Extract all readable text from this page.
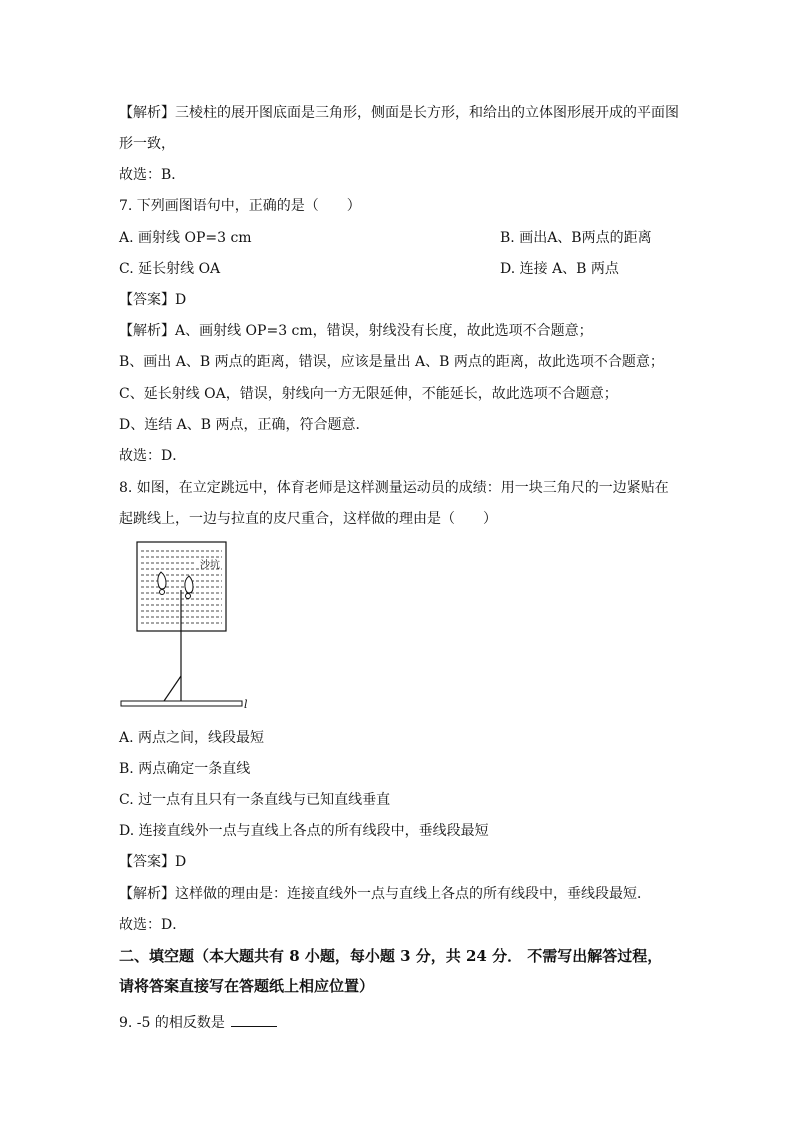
【解析】三棱柱的展开图底面是三角形，侧面是长方形，和给出的立体图形展开成的平面图
形一致，
故选：B．
7. 下列画图语句中，正确的是（　　）
A. 画射线 OP=3 cm	B. 画出A、B两点的距离
C. 延长射线 OA	D. 连接 A、B 两点
【答案】D
【解析】A、画射线 OP=3 cm，错误，射线没有长度，故此选项不合题意；
B、画出 A、B 两点的距离，错误，应该是量出 A、B 两点的距离，故此选项不合题意；
C、延长射线 OA，错误，射线向一方无限延伸，不能延长，故此选项不合题意；
D、连结 A、B 两点，正确，符合题意．
故选：D．
8. 如图，在立定跳远中，体育老师是这样测量运动员的成绩：用一块三角尺的一边紧贴在
起跳线上，一边与拉直的皮尺重合，这样做的理由是（　　）
沙坑
l
A. 两点之间，线段最短
B. 两点确定一条直线
C. 过一点有且只有一条直线与已知直线垂直
D. 连接直线外一点与直线上各点的所有线段中，垂线段最短
【答案】D
【解析】这样做的理由是：连接直线外一点与直线上各点的所有线段中，垂线段最短．
故选：D．
二、填空题（本大题共有 8 小题，每小题 3 分，共 24 分． 不需写出解答过程，
请将答案直接写在答题纸上相应位置）
9. -5 的相反数是
